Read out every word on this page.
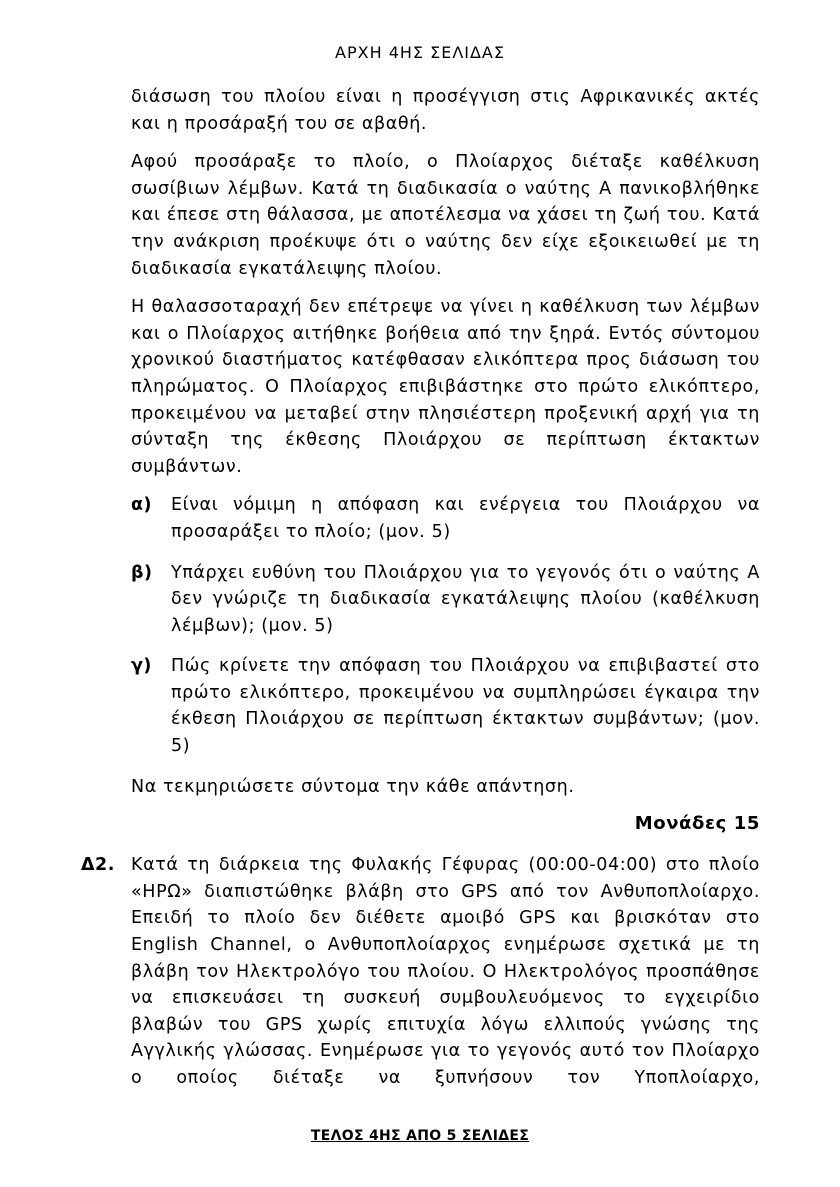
ΑΡΧΗ 4ΗΣ ΣΕΛΙΔΑΣ

διάσωση του πλοίου είναι η προσέγγιση στις Αφρικανικές ακτές και η προσάραξή του σε αβαθή.

Αφού προσάραξε το πλοίο, ο Πλοίαρχος διέταξε καθέλκυση σωσίβιων λέμβων. Κατά τη διαδικασία ο ναύτης Α πανικοβλήθηκε και έπεσε στη θάλασσα, με αποτέλεσμα να χάσει τη ζωή του. Κατά την ανάκριση προέκυψε ότι ο ναύτης δεν είχε εξοικειωθεί με τη διαδικασία εγκατάλειψης πλοίου.

Η θαλασσοταραχή δεν επέτρεψε να γίνει η καθέλκυση των λέμβων και ο Πλοίαρχος αιτήθηκε βοήθεια από την ξηρά. Εντός σύντομου χρονικού διαστήματος κατέφθασαν ελικόπτερα προς διάσωση του πληρώματος. Ο Πλοίαρχος επιβιβάστηκε στο πρώτο ελικόπτερο, προκειμένου να μεταβεί στην πλησιέστερη προξενική αρχή για τη σύνταξη της έκθεσης Πλοιάρχου σε περίπτωση έκτακτων συμβάντων.

α) Είναι νόμιμη η απόφαση και ενέργεια του Πλοιάρχου να προσαράξει το πλοίο; (μον. 5)
β) Υπάρχει ευθύνη του Πλοιάρχου για το γεγονός ότι ο ναύτης Α δεν γνώριζε τη διαδικασία εγκατάλειψης πλοίου (καθέλκυση λέμβων); (μον. 5)
γ) Πώς κρίνετε την απόφαση του Πλοιάρχου να επιβιβαστεί στο πρώτο ελικόπτερο, προκειμένου να συμπληρώσει έγκαιρα την έκθεση Πλοιάρχου σε περίπτωση έκτακτων συμβάντων; (μον. 5)

Να τεκμηριώσετε σύντομα την κάθε απάντηση.

Μονάδες 15

Δ2. Κατά τη διάρκεια της Φυλακής Γέφυρας (00:00-04:00) στο πλοίο «ΗΡΩ» διαπιστώθηκε βλάβη στο GPS από τον Ανθυποπλοίαρχο. Επειδή το πλοίο δεν διέθετε αμοιβό GPS και βρισκόταν στο English Channel, ο Ανθυποπλοίαρχος ενημέρωσε σχετικά με τη βλάβη τον Ηλεκτρολόγο του πλοίου. Ο Ηλεκτρολόγος προσπάθησε να επισκευάσει τη συσκευή συμβουλευόμενος το εγχειρίδιο βλαβών του GPS χωρίς επιτυχία λόγω ελλιπούς γνώσης της Αγγλικής γλώσσας. Ενημέρωσε για το γεγονός αυτό τον Πλοίαρχο ο οποίος διέταξε να ξυπνήσουν τον Υποπλοίαρχο,
ΤΕΛΟΣ 4ΗΣ ΑΠΟ 5 ΣΕΛΙΔΕΣ
